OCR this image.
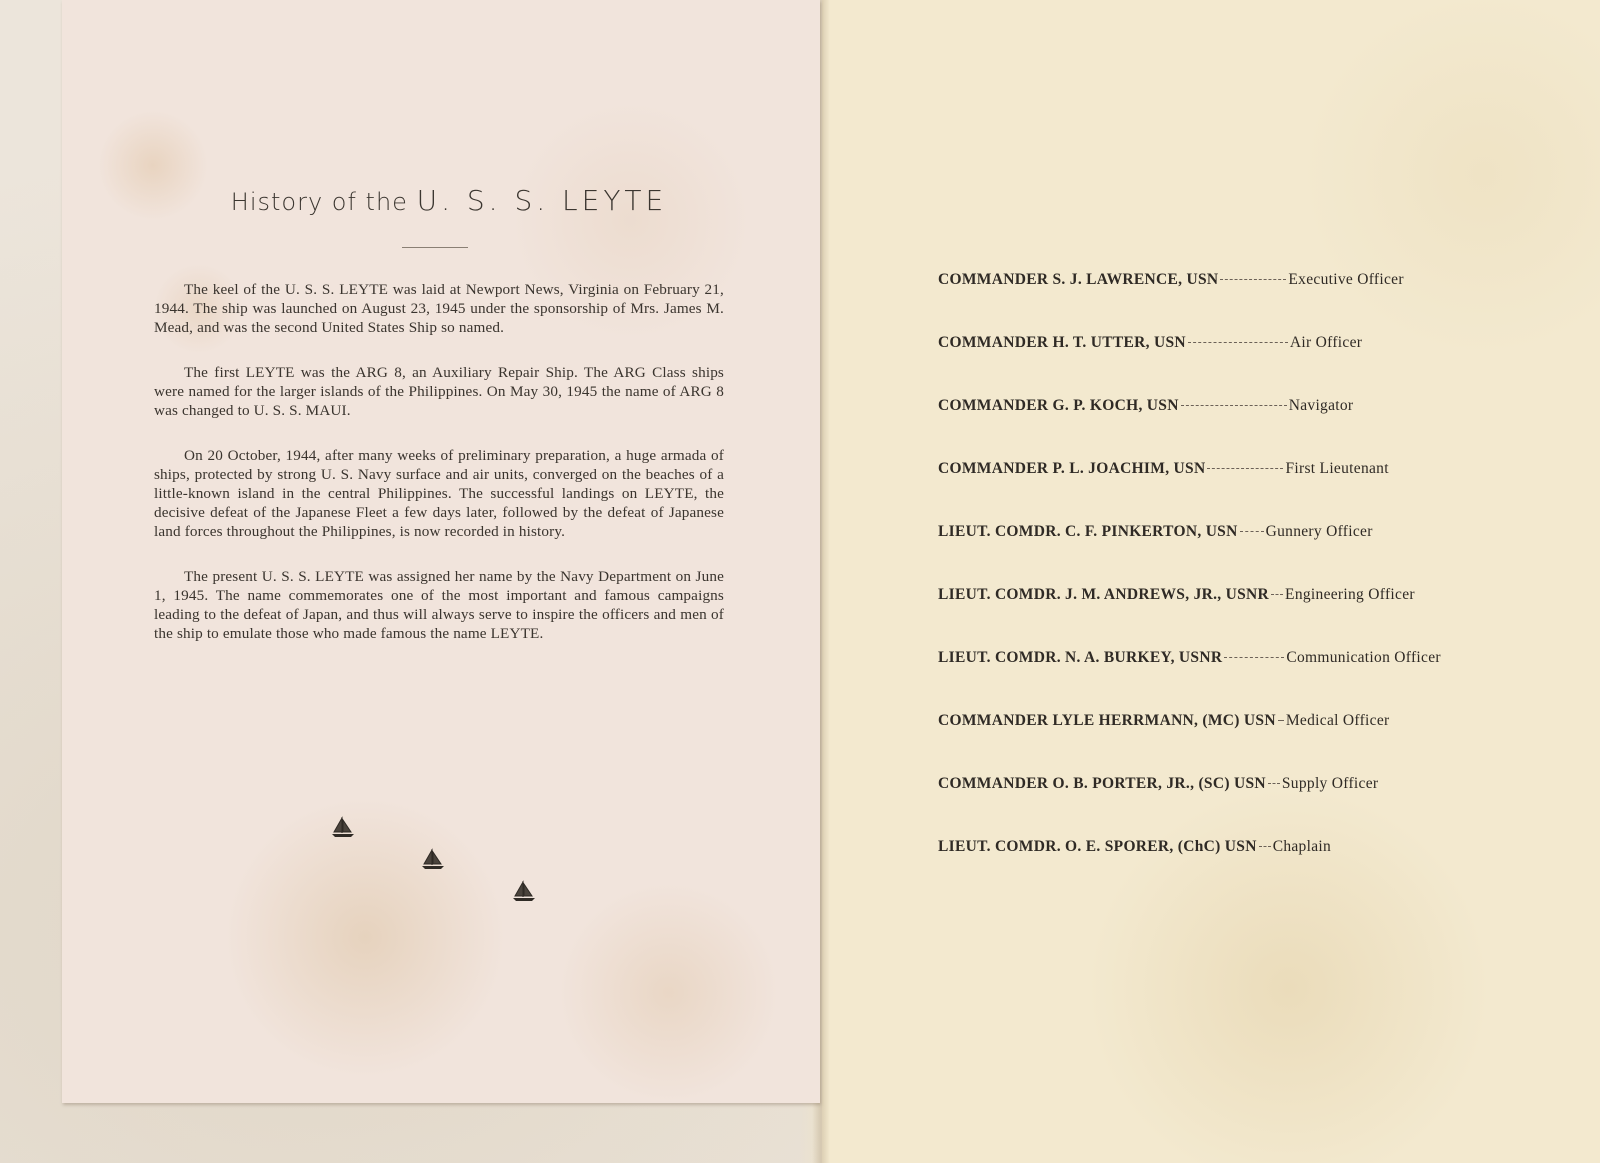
History of the U. S. S. LEYTE

The keel of the U. S. S. LEYTE was laid at Newport News, Virginia on February 21, 1944. The ship was launched on August 23, 1945 under the sponsorship of Mrs. James M. Mead, and was the second United States Ship so named.

The first LEYTE was the ARG 8, an Auxiliary Repair Ship. The ARG Class ships were named for the larger islands of the Philippines. On May 30, 1945 the name of ARG 8 was changed to U. S. S. MAUI.

On 20 October, 1944, after many weeks of preliminary preparation, a huge armada of ships, protected by strong U. S. Navy surface and air units, converged on the beaches of a little-known island in the central Philippines. The successful landings on LEYTE, the decisive defeat of the Japanese Fleet a few days later, followed by the defeat of Japanese land forces throughout the Philippines, is now recorded in history.

The present U. S. S. LEYTE was assigned her name by the Navy Department on June 1, 1945. The name commemorates one of the most important and famous campaigns leading to the defeat of Japan, and thus will always serve to inspire the officers and men of the ship to emulate those who made famous the name LEYTE.

COMMANDER S. J. LAWRENCE, USN	Executive Officer
COMMANDER H. T. UTTER, USN	Air Officer
COMMANDER G. P. KOCH, USN	Navigator
COMMANDER P. L. JOACHIM, USN	First Lieutenant
LIEUT. COMDR. C. F. PINKERTON, USN Gunnery Officer
LIEUT. COMDR. J. M. ANDREWS, JR., USNR Engineering Officer
LIEUT. COMDR. N. A. BURKEY, USNR	Communication Officer
COMMANDER LYLE HERRMANN, (MC) USN Medical Officer
COMMANDER O. B. PORTER, JR., (SC) USN Supply Officer
LIEUT. COMDR. O. E. SPORER, (ChC) USN Chaplain
